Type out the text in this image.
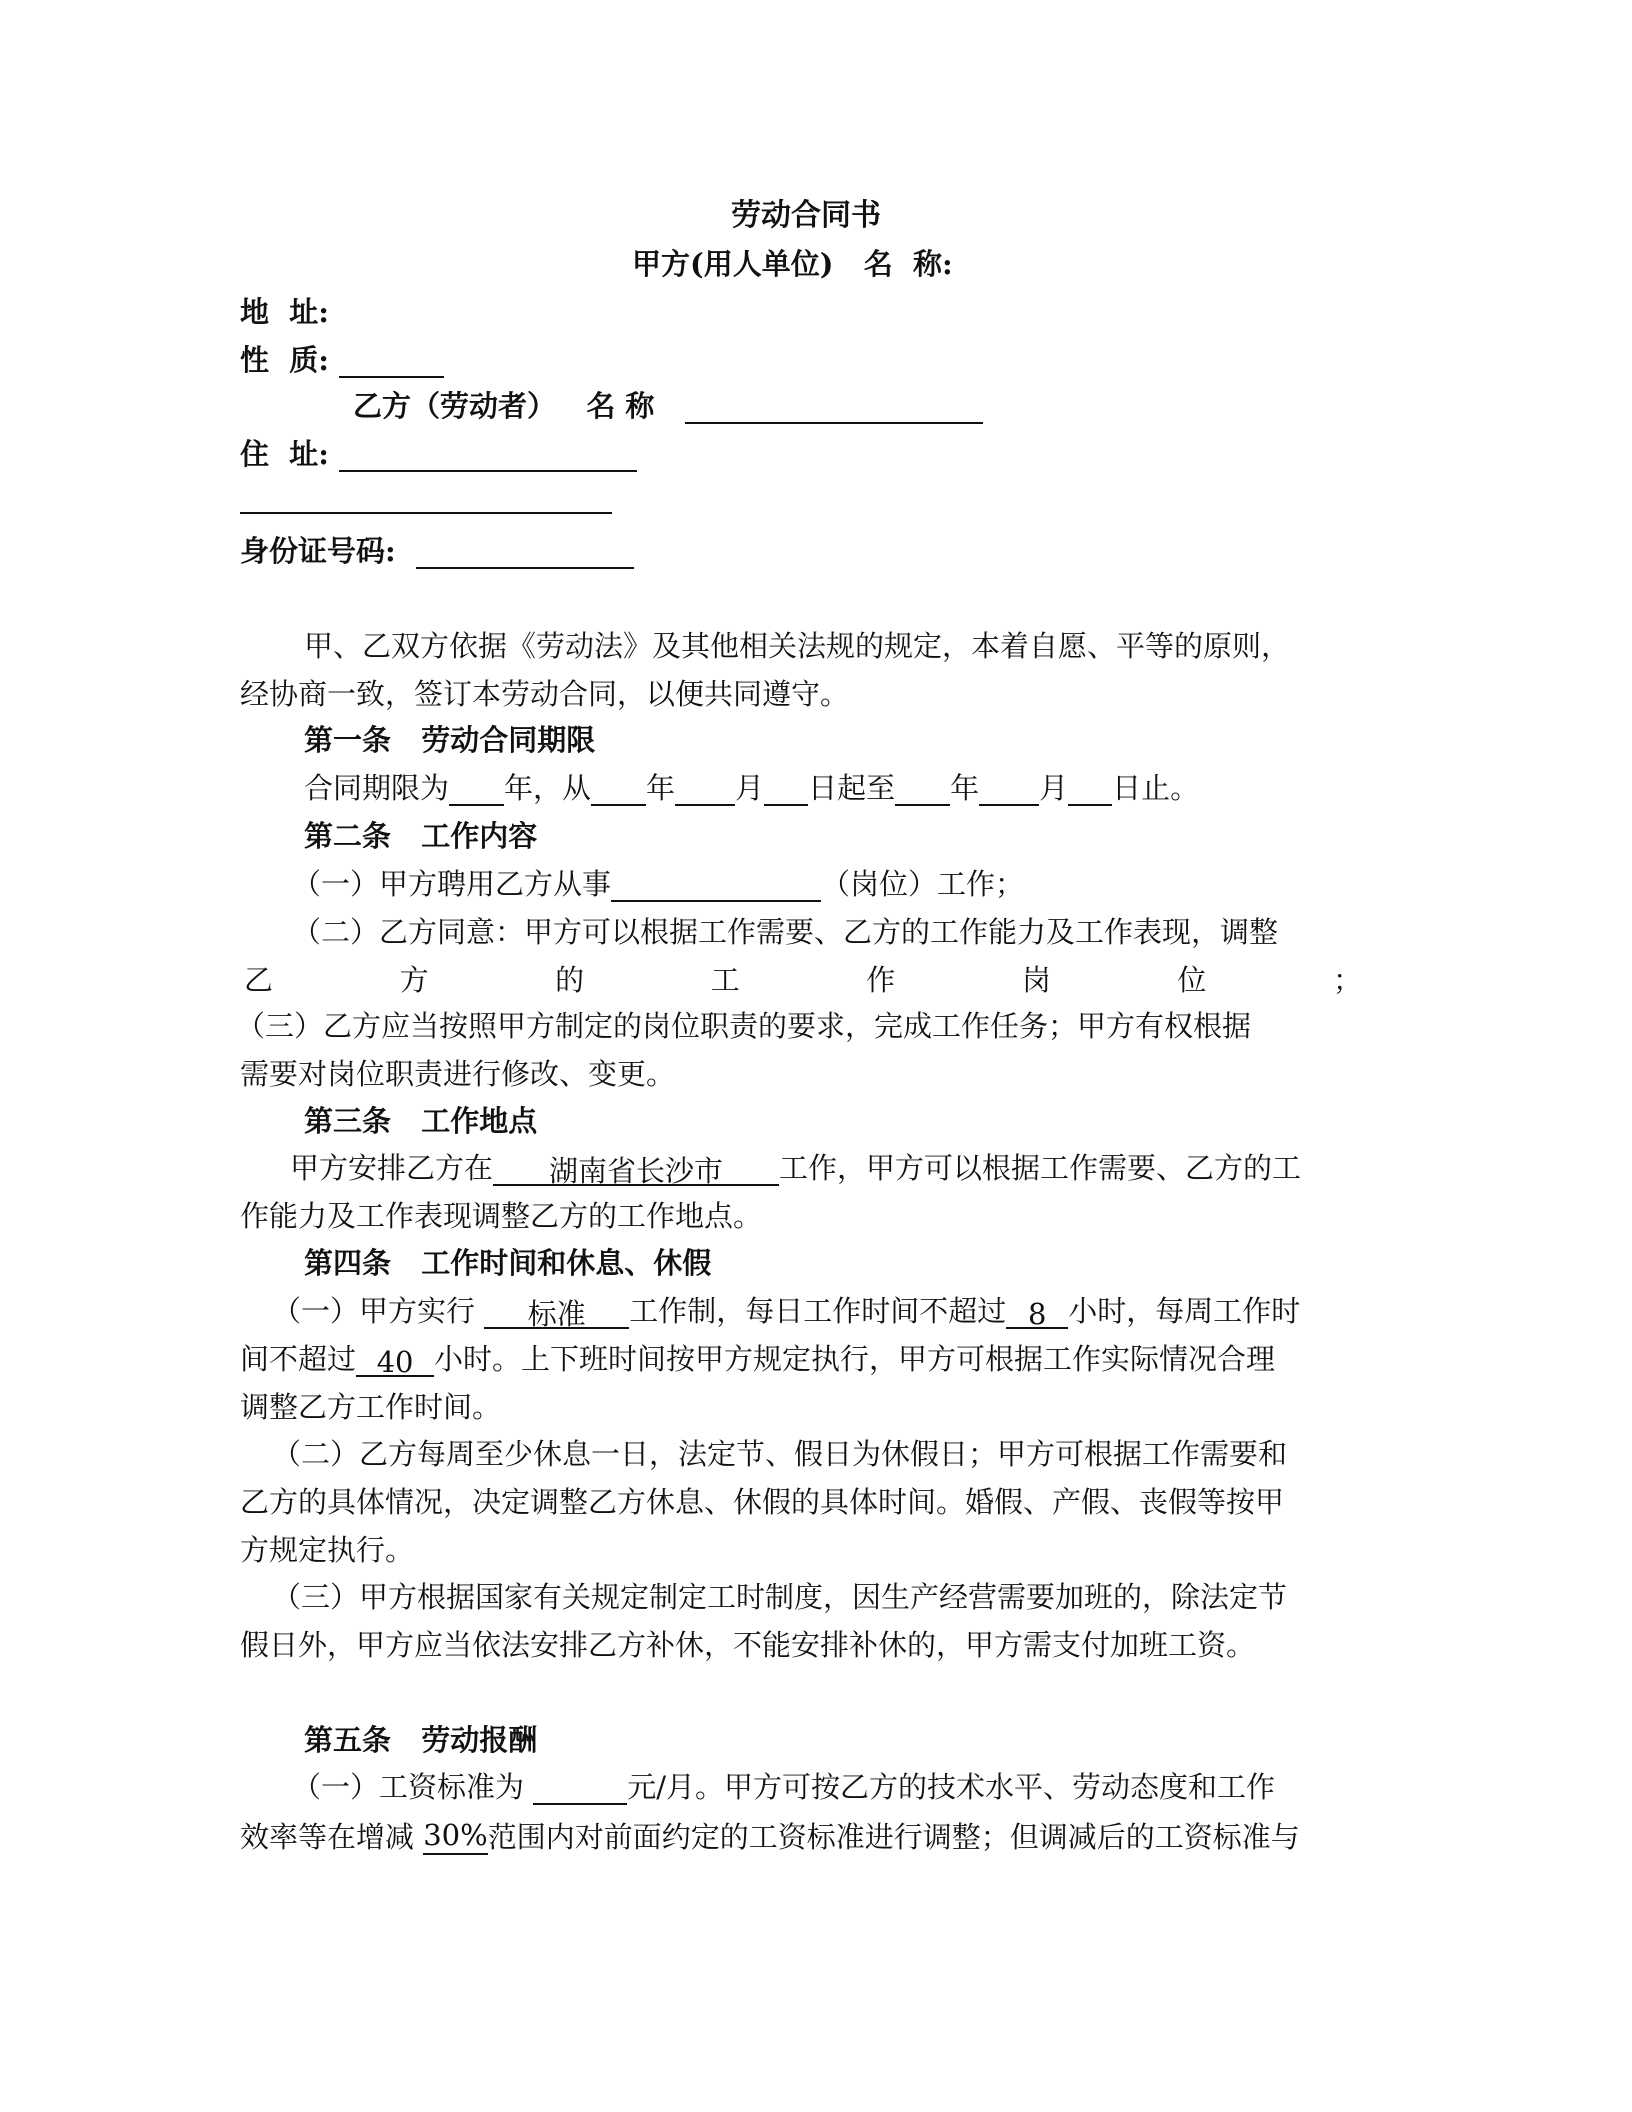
劳动合同书
甲方(用人单位) 名  称:
地  址:
性  质:
乙方（劳动者） 名 称
住  址:
身份证号码:
甲、乙双方依据《劳动法》及其他相关法规的规定，本着自愿、平等的原则，
经协商一致，签订本劳动合同，以便共同遵守。
第一条   劳动合同期限
合同期限为 年，从 年 月 日起至 年 月 日止。
第二条   工作内容
（一）甲方聘用乙方从事	（岗位）工作；
（二）乙方同意：甲方可以根据工作需要、乙方的工作能力及工作表现，调整
乙	方	的	工	作	岗	位	；
（三）乙方应当按照甲方制定的岗位职责的要求，完成工作任务；甲方有权根据
需要对岗位职责进行修改、变更。
第三条   工作地点
甲方安排乙方在 湖南省长沙市 工作，甲方可以根据工作需要、乙方的工
作能力及工作表现调整乙方的工作地点。
第四条   工作时间和休息、休假
（一）甲方实行 标准 工作制，每日工作时间不超过 8 小时，每周工作时
间不超过 40 小时。上下班时间按甲方规定执行，甲方可根据工作实际情况合理
调整乙方工作时间。
（二）乙方每周至少休息一日，法定节、假日为休假日；甲方可根据工作需要和
乙方的具体情况，决定调整乙方休息、休假的具体时间。婚假、产假、丧假等按甲
方规定执行。
（三）甲方根据国家有关规定制定工时制度，因生产经营需要加班的，除法定节
假日外，甲方应当依法安排乙方补休，不能安排补休的，甲方需支付加班工资。
第五条   劳动报酬
（一）工资标准为	元/月。甲方可按乙方的技术水平、劳动态度和工作
效率等在增减 30%范围内对前面约定的工资标准进行调整；但调减后的工资标准与
